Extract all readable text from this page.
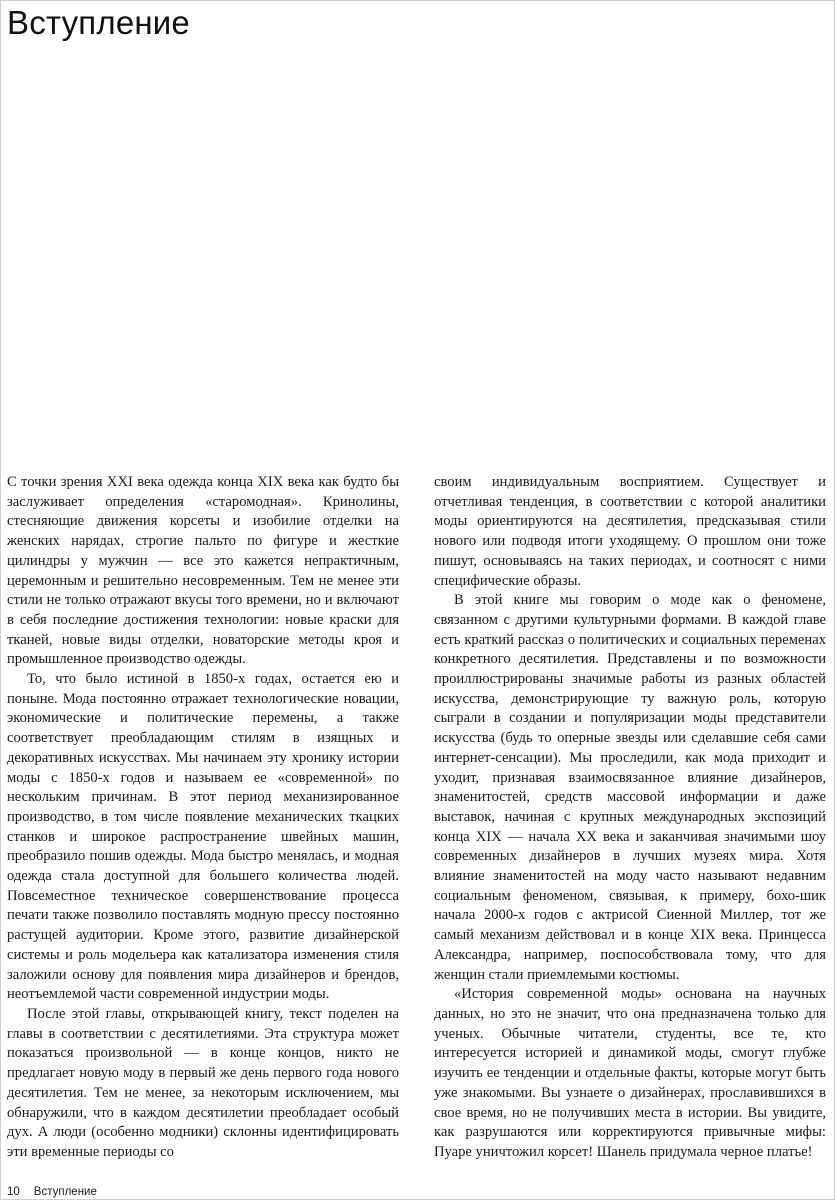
Вступление

С точки зрения XXI века одежда конца XIX века как будто бы заслуживает определения «старомодная». Кринолины, стесняющие движения корсеты и изобилие отделки на женских нарядах, строгие пальто по фигуре и жесткие цилиндры у мужчин — все это кажется непрактичным, церемонным и решительно несовременным. Тем не менее эти стили не только отражают вкусы того времени, но и включают в себя последние достижения технологии: новые краски для тканей, новые виды отделки, новаторские методы кроя и промышленное производство одежды.

То, что было истиной в 1850-х годах, остается ею и поныне. Мода постоянно отражает технологические новации, экономические и политические перемены, а также соответствует преобладающим стилям в изящных и декоративных искусствах. Мы начинаем эту хронику истории моды с 1850-х годов и называем ее «современной» по нескольким причинам. В этот период механизированное производство, в том числе появление механических ткацких станков и широкое распространение швейных машин, преобразило пошив одежды. Мода быстро менялась, и модная одежда стала доступной для большего количества людей. Повсеместное техническое совершенствование процесса печати также позволило поставлять модную прессу постоянно растущей аудитории. Кроме этого, развитие дизайнерской системы и роль модельера как катализатора изменения стиля заложили основу для появления мира дизайнеров и брендов, неотъемлемой части современной индустрии моды.

После этой главы, открывающей книгу, текст поделен на главы в соответствии с десятилетиями. Эта структура может показаться произвольной — в конце концов, никто не предлагает новую моду в первый же день первого года нового десятилетия. Тем не менее, за некоторым исключением, мы обнаружили, что в каждом десятилетии преобладает особый дух. А люди (особенно модники) склонны идентифицировать эти временные периоды со

своим индивидуальным восприятием. Существует и отчетливая тенденция, в соответствии с которой аналитики моды ориентируются на десятилетия, предсказывая стили нового или подводя итоги уходящему. О прошлом они тоже пишут, основываясь на таких периодах, и соотносят с ними специфические образы.

В этой книге мы говорим о моде как о феномене, связанном с другими культурными формами. В каждой главе есть краткий рассказ о политических и социальных переменах конкретного десятилетия. Представлены и по возможности проиллюстрированы значимые работы из разных областей искусства, демонстрирующие ту важную роль, которую сыграли в создании и популяризации моды представители искусства (будь то оперные звезды или сделавшие себя сами интернет-сенсации). Мы проследили, как мода приходит и уходит, признавая взаимосвязанное влияние дизайнеров, знаменитостей, средств массовой информации и даже выставок, начиная с крупных международных экспозиций конца XIX — начала XX века и заканчивая значимыми шоу современных дизайнеров в лучших музеях мира. Хотя влияние знаменитостей на моду часто называют недавним социальным феноменом, связывая, к примеру, бохо-шик начала 2000-х годов с актрисой Сиенной Миллер, тот же самый механизм действовал и в конце XIX века. Принцесса Александра, например, поспособствовала тому, что для женщин стали приемлемыми костюмы.

«История современной моды» основана на научных данных, но это не значит, что она предназначена только для ученых. Обычные читатели, студенты, все те, кто интересуется историей и динамикой моды, смогут глубже изучить ее тенденции и отдельные факты, которые могут быть уже знакомыми. Вы узнаете о дизайнерах, прославившихся в свое время, но не получивших места в истории. Вы увидите, как разрушаются или корректируются привычные мифы: Пуаре уничтожил корсет! Шанель придумала черное платье!

10 Вступление
